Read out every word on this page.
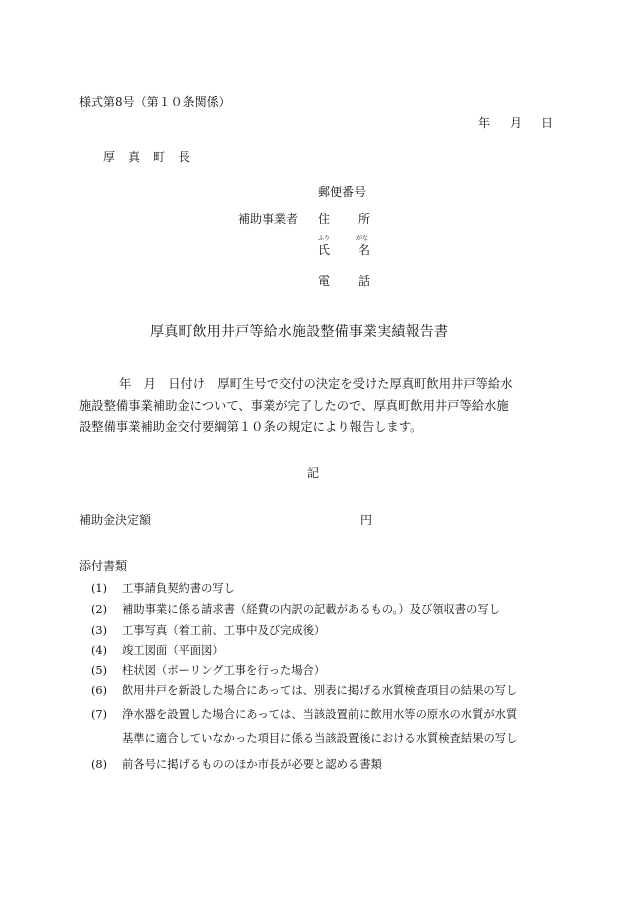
様式第8号（第１０条関係）
年 月 日
厚 真 町 長
補助事業者
郵便番号
住 所
ふり	がな
氏 名
電 話
厚真町飲用井戸等給水施設整備事業実績報告書
年　月　日付け　厚町生号で交付の決定を受けた厚真町飲用井戸等給水
施設整備事業補助金について、事業が完了したので、厚真町飲用井戸等給水施
設整備事業補助金交付要綱第１０条の規定により報告します。
記
補助金決定額	円
添付書類
(1) 工事請負契約書の写し
(2) 補助事業に係る請求書（経費の内訳の記載があるもの。）及び領収書の写し
(3) 工事写真（着工前、工事中及び完成後）
(4) 竣工図面（平面図）
(5) 柱状図（ボーリング工事を行った場合）
(6) 飲用井戸を新設した場合にあっては、別表に掲げる水質検査項目の結果の写し
(7) 浄水器を設置した場合にあっては、当該設置前に飲用水等の原水の水質が水質
基準に適合していなかった項目に係る当該設置後における水質検査結果の写し
(8) 前各号に掲げるもののほか市長が必要と認める書類
